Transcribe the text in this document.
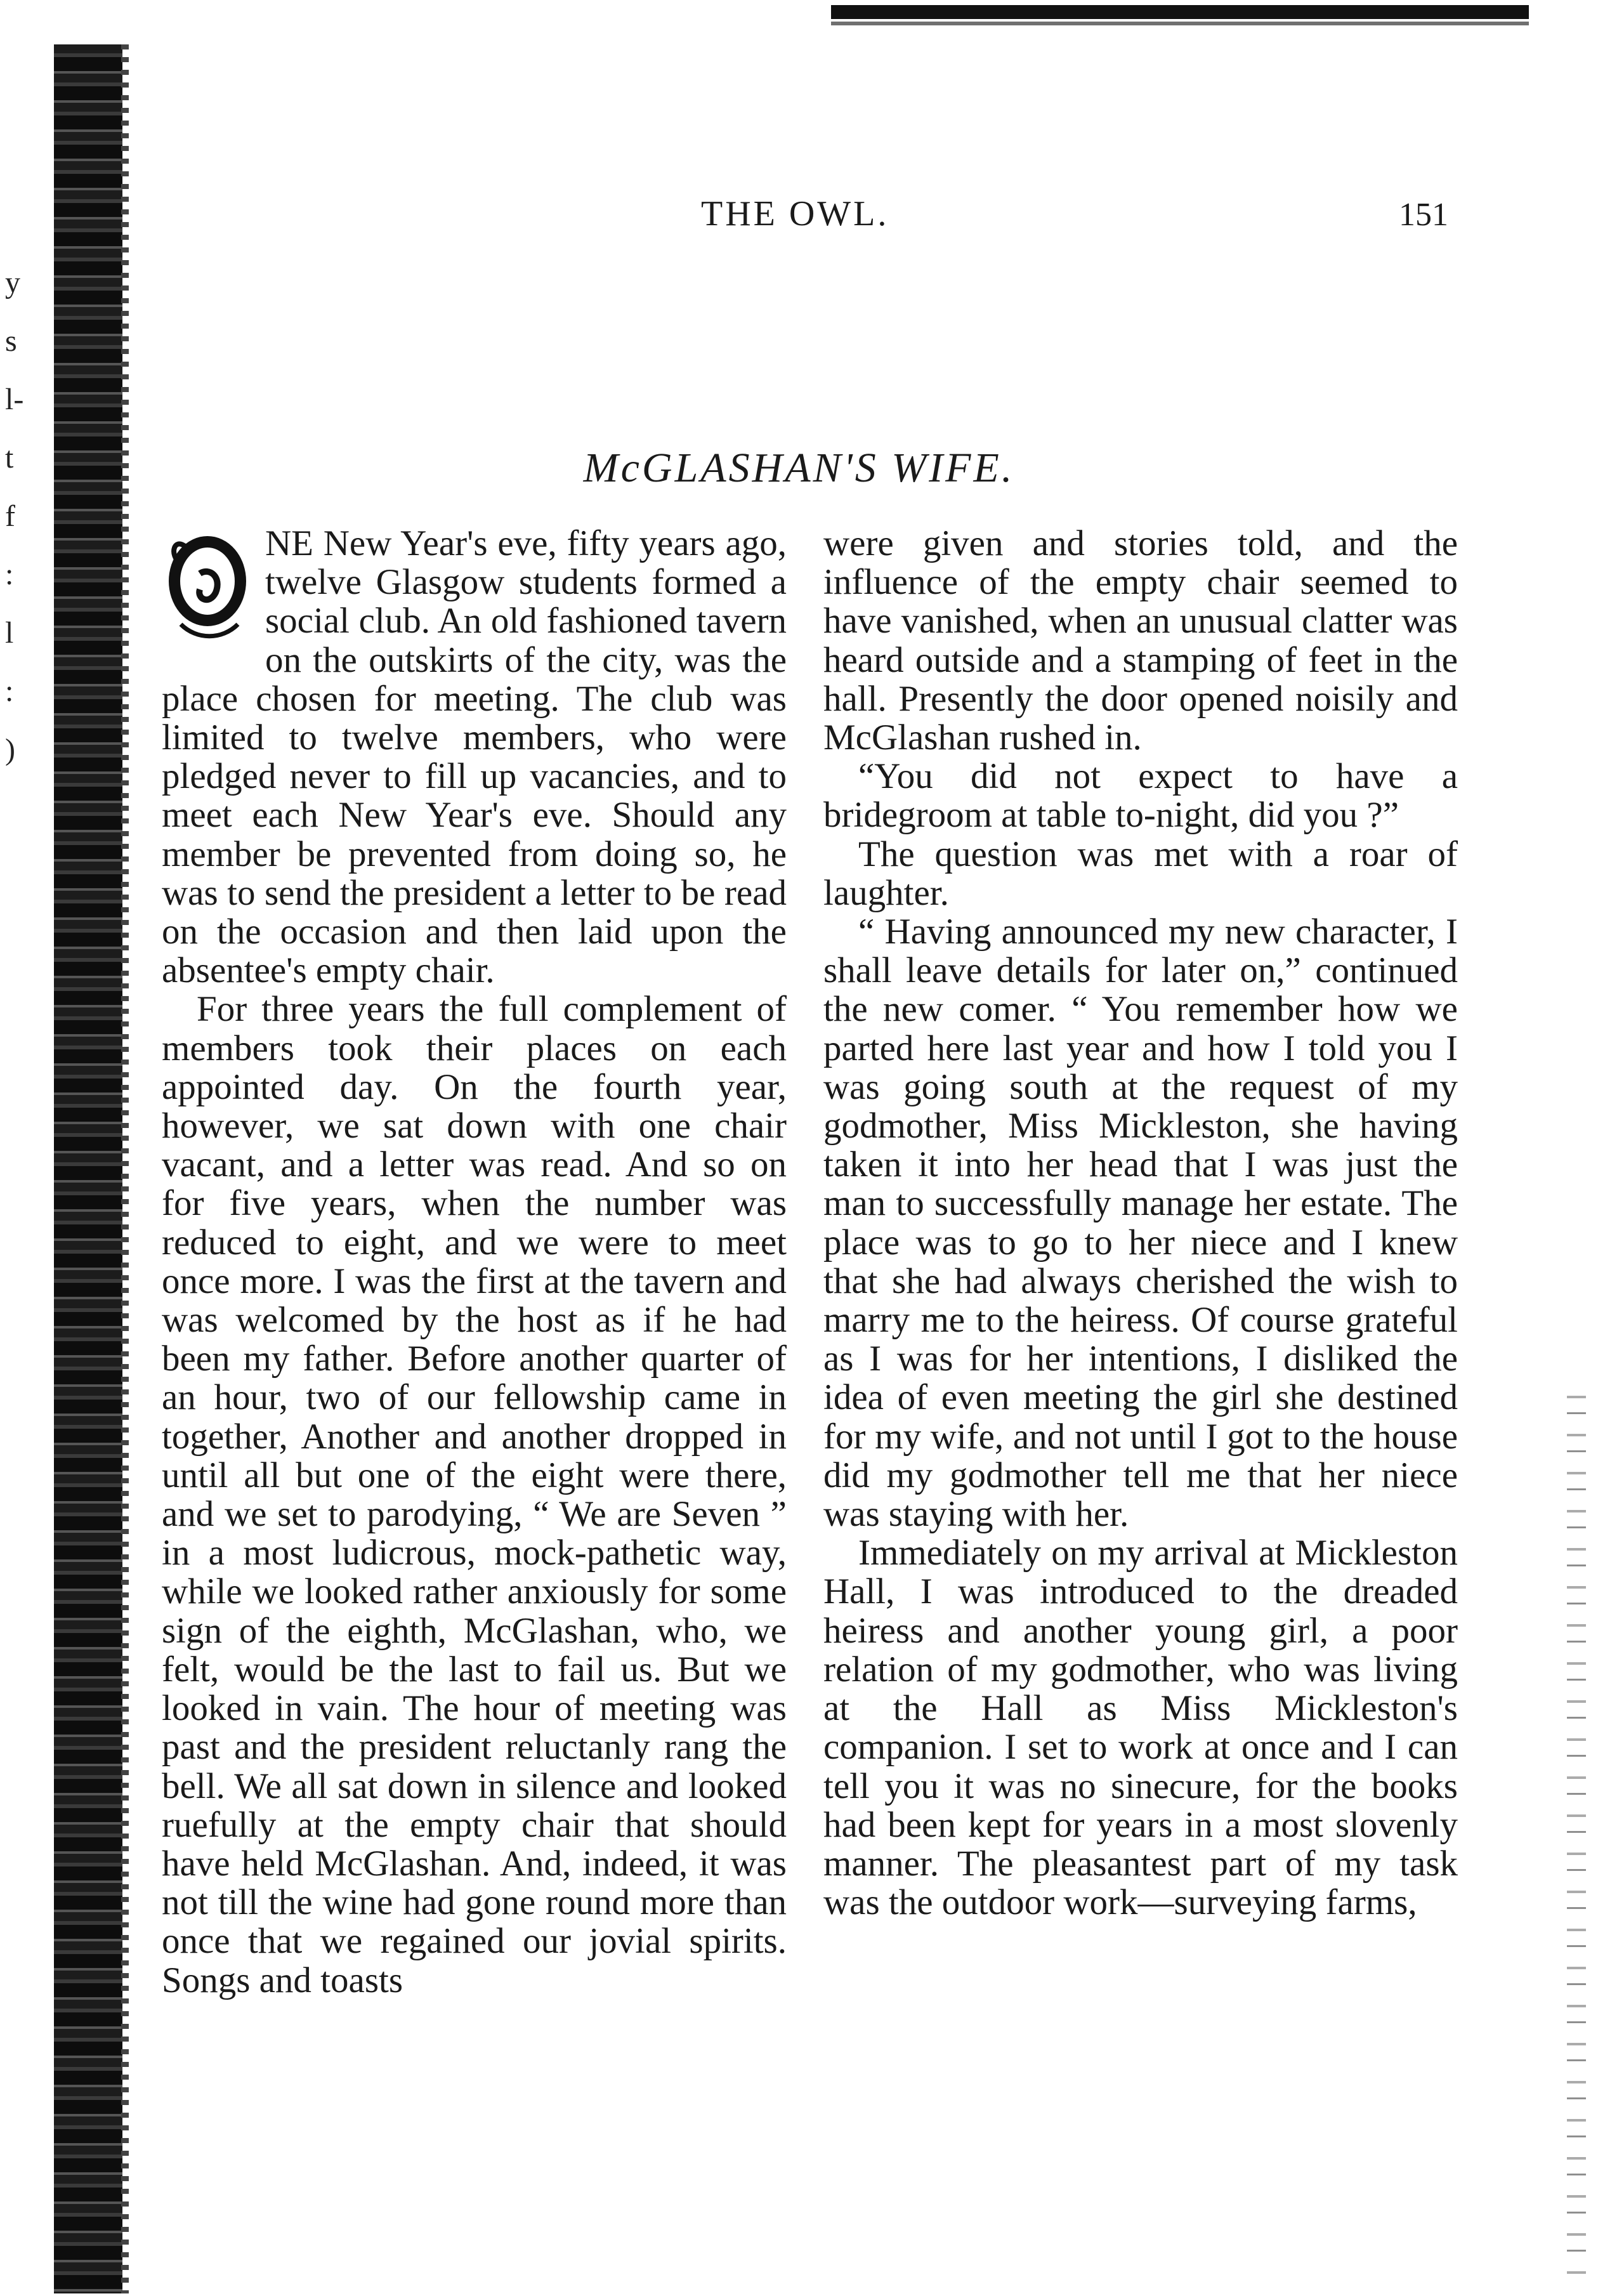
y
s
l-
t
f
:
l
:
)
THE OWL.	151
McGLASHAN'S WIFE.

NE New Year's eve, fifty years ago, twelve Glasgow students formed a social club. An old fashioned tavern on the outskirts of the city, was the place chosen for meeting. The club was limited to twelve members, who were pledged never to fill up vacancies, and to meet each New Year's eve. Should any member be prevented from doing so, he was to send the president a letter to be read on the occasion and then laid upon the absentee's empty chair.

For three years the full complement of members took their places on each appointed day. On the fourth year, however, we sat down with one chair vacant, and a letter was read. And so on for five years, when the number was reduced to eight, and we were to meet once more. I was the first at the tavern and was welcomed by the host as if he had been my father. Before another quarter of an hour, two of our fellowship came in together, Another and another dropped in until all but one of the eight were there, and we set to parodying, “ We are Seven ” in a most ludicrous, mock-pathetic way, while we looked rather anxiously for some sign of the eighth, McGlashan, who, we felt, would be the last to fail us. But we looked in vain. The hour of meeting was past and the president reluctanly rang the bell. We all sat down in silence and looked ruefully at the empty chair that should have held McGlashan. And, indeed, it was not till the wine had gone round more than once that we regained our jovial spirits. Songs and toasts

were given and stories told, and the influence of the empty chair seemed to have vanished, when an unusual clatter was heard outside and a stamping of feet in the hall. Presently the door opened noisily and McGlashan rushed in.

“You did not expect to have a bridegroom at table to-night, did you ?”

The question was met with a roar of laughter.

“ Having announced my new character, I shall leave details for later on,” continued the new comer. “ You remember how we parted here last year and how I told you I was going south at the request of my godmother, Miss Mickleston, she having taken it into her head that I was just the man to successfully manage her estate. The place was to go to her niece and I knew that she had always cherished the wish to marry me to the heiress. Of course grateful as I was for her intentions, I disliked the idea of even meeting the girl she destined for my wife, and not until I got to the house did my godmother tell me that her niece was staying with her.

Immediately on my arrival at Mickleston Hall, I was introduced to the dreaded heiress and another young girl, a poor relation of my godmother, who was living at the Hall as Miss Mickleston's companion. I set to work at once and I can tell you it was no sinecure, for the books had been kept for years in a most slovenly manner. The pleasantest part of my task was the outdoor work—surveying farms,
